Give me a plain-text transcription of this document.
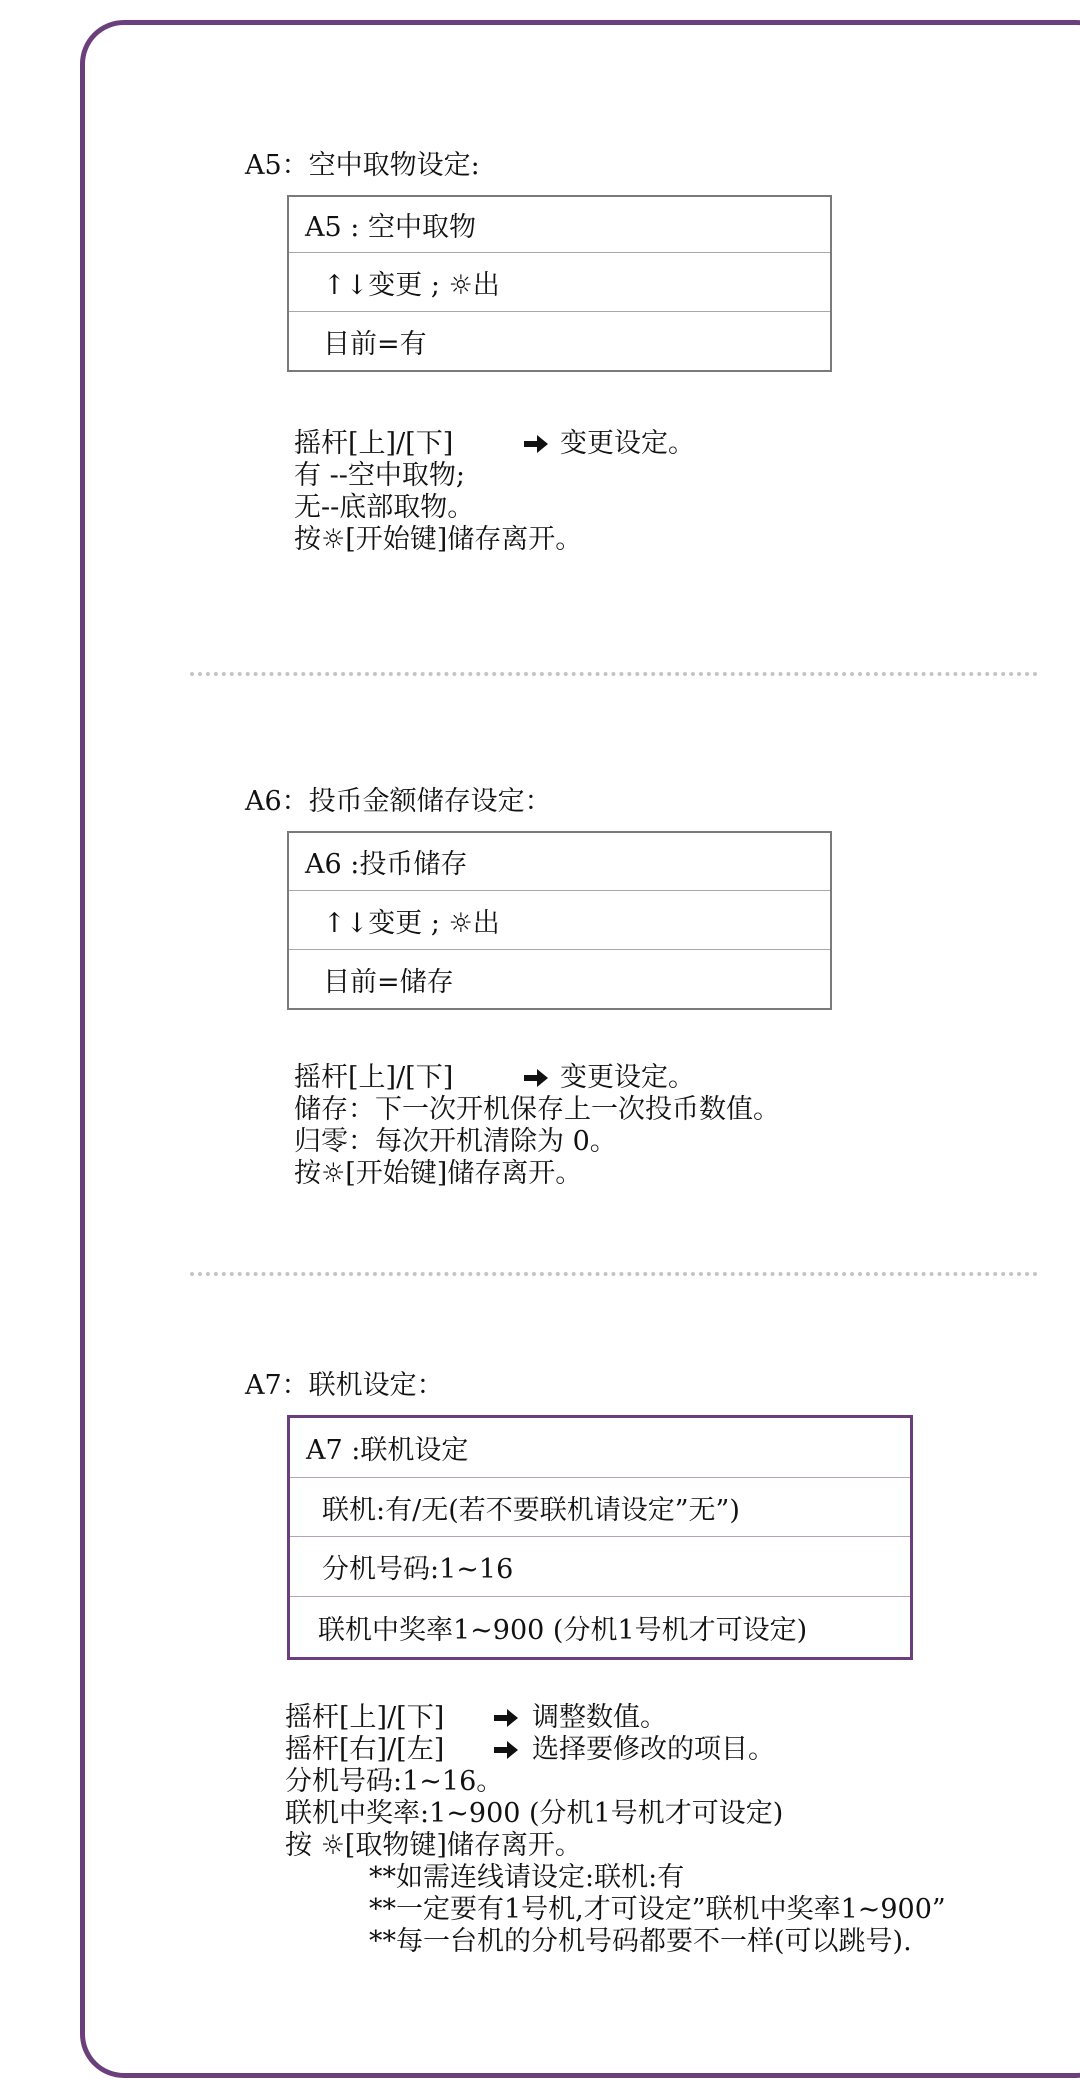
A5：空中取物设定:
A5 : 空中取物
↑↓变更 ; ☼出
目前=有
摇杆[上]/[下]	变更设定。
有 --空中取物;
无--底部取物。
按☼[开始键]储存离开。
A6：投币金额储存设定：
A6 :投币储存
↑↓变更 ; ☼出
目前=储存
摇杆[上]/[下]	变更设定。
储存：下一次开机保存上一次投币数值。
归零：每次开机清除为 0。
按☼[开始键]储存离开。
A7：联机设定：
A7 :联机设定
联机:有/无(若不要联机请设定”无”)
分机号码:1~16
联机中奖率1~900 (分机1号机才可设定)
摇杆[上]/[下]	调整数值。
摇杆[右]/[左]	选择要修改的项目。
分机号码:1~16。
联机中奖率:1~900 (分机1号机才可设定)
按 ☼[取物键]储存离开。
**如需连线请设定:联机:有
**一定要有1号机,才可设定”联机中奖率1~900”
**每一台机的分机号码都要不一样(可以跳号).
